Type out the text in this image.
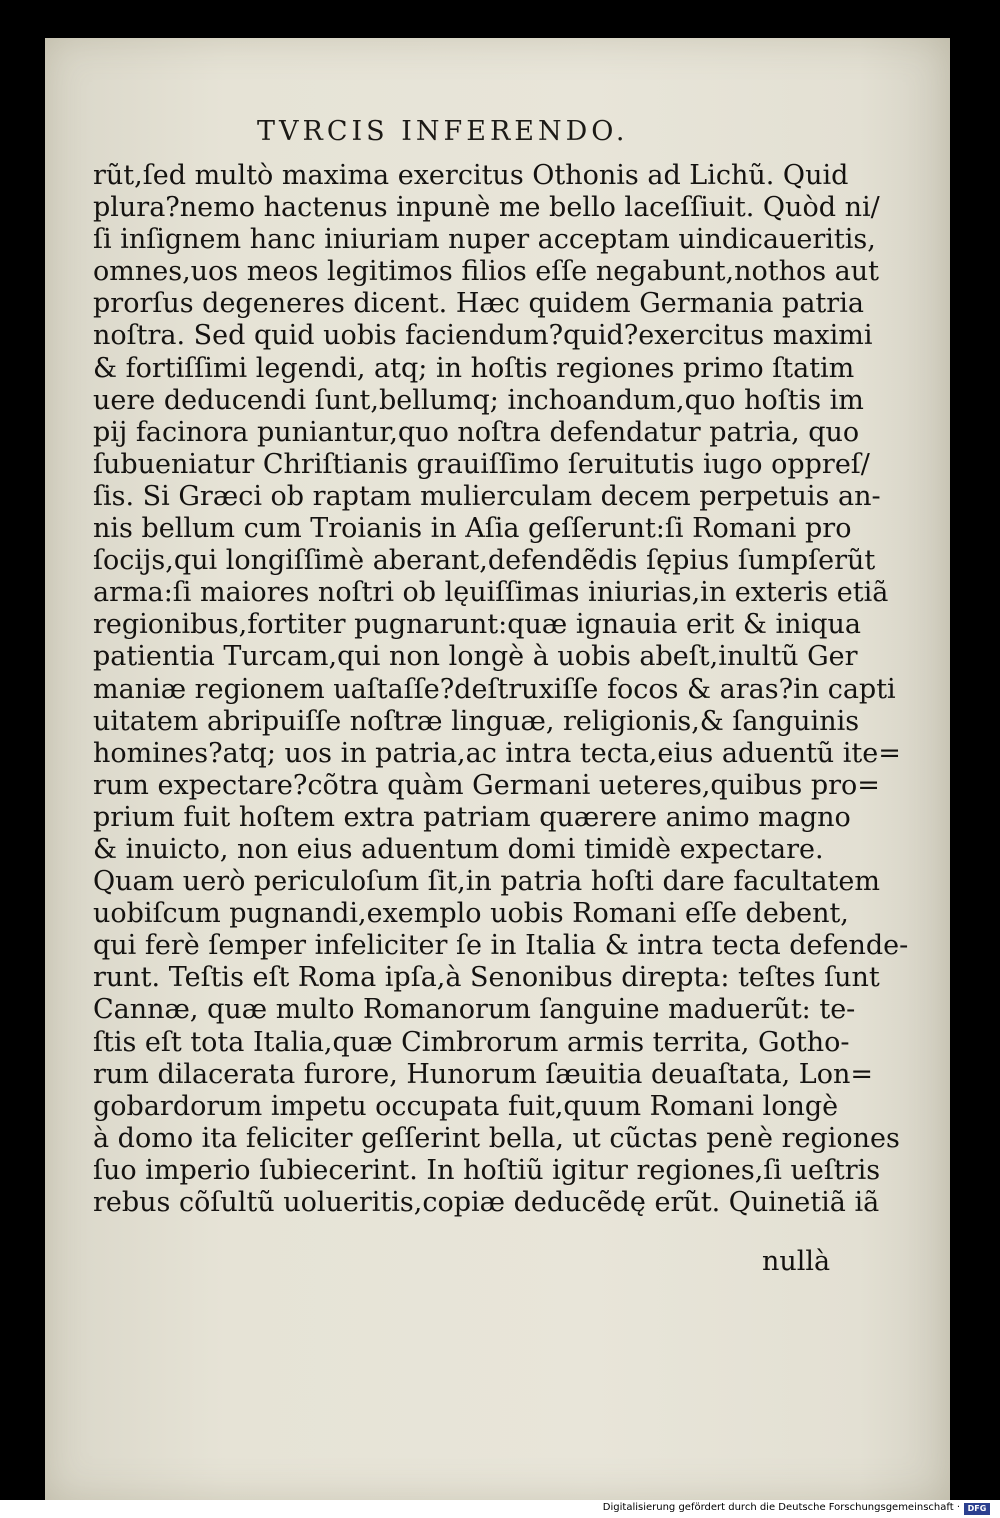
TVRCIS INFERENDO.
rũt,ſed multò maxima exercitus Othonis ad Lichũ. Quid
plura?nemo hactenus inpunè me bello laceſſiuit. Quòd ni/
ſi inſignem hanc iniuriam nuper acceptam uindicaueritis,
omnes,uos meos legitimos filios eſſe negabunt,nothos aut
prorſus degeneres dicent. Hæc quidem Germania patria
noſtra. Sed quid uobis faciendum?quid?exercitus maximi
& fortiſſimi legendi, atq; in hoſtis regiones primo ſtatim
uere deducendi ſunt,bellumq; inchoandum,quo hoſtis im
pij facinora puniantur,quo noſtra defendatur patria, quo
ſubueniatur Chriſtianis grauiſſimo ſeruitutis iugo oppreſ/
ſis. Si Græci ob raptam mulierculam decem perpetuis an-
nis bellum cum Troianis in Aſia geſſerunt:ſi Romani pro
ſocijs,qui longiſſimè aberant,defendẽdis ſępius ſumpſerũt
arma:ſi maiores noſtri ob lęuiſſimas iniurias,in exteris etiã
regionibus,fortiter pugnarunt:quæ ignauia erit & iniqua
patientia Turcam,qui non longè à uobis abeſt,inultũ Ger
maniæ regionem uaſtaſſe?deſtruxiſſe focos & aras?in capti
uitatem abripuiſſe noſtræ linguæ, religionis,& ſanguinis
homines?atq; uos in patria,ac intra tecta,eius aduentũ ite=
rum expectare?cõtra quàm Germani ueteres,quibus pro=
prium fuit hoſtem extra patriam quærere animo magno
& inuicto, non eius aduentum domi timidè expectare.
Quam uerò periculoſum ſit,in patria hoſti dare facultatem
uobiſcum pugnandi,exemplo uobis Romani eſſe debent,
qui ferè ſemper infeliciter ſe in Italia & intra tecta defende-
runt. Teſtis eſt Roma ipſa,à Senonibus direpta: teſtes ſunt
Cannæ, quæ multo Romanorum ſanguine maduerũt: te-
ſtis eſt tota Italia,quæ Cimbrorum armis territa, Gotho-
rum dilacerata furore, Hunorum ſæuitia deuaſtata, Lon=
gobardorum impetu occupata fuit,quum Romani longè
à domo ita feliciter geſſerint bella, ut cũctas penè regiones
ſuo imperio ſubiecerint. In hoſtiũ igitur regiones,ſi ueſtris
rebus cõſultũ uolueritis,copiæ deducẽdę erũt. Quinetiã iã
nullà
Digitalisierung gefördert durch die Deutsche Forschungsgemeinschaft · DFG
